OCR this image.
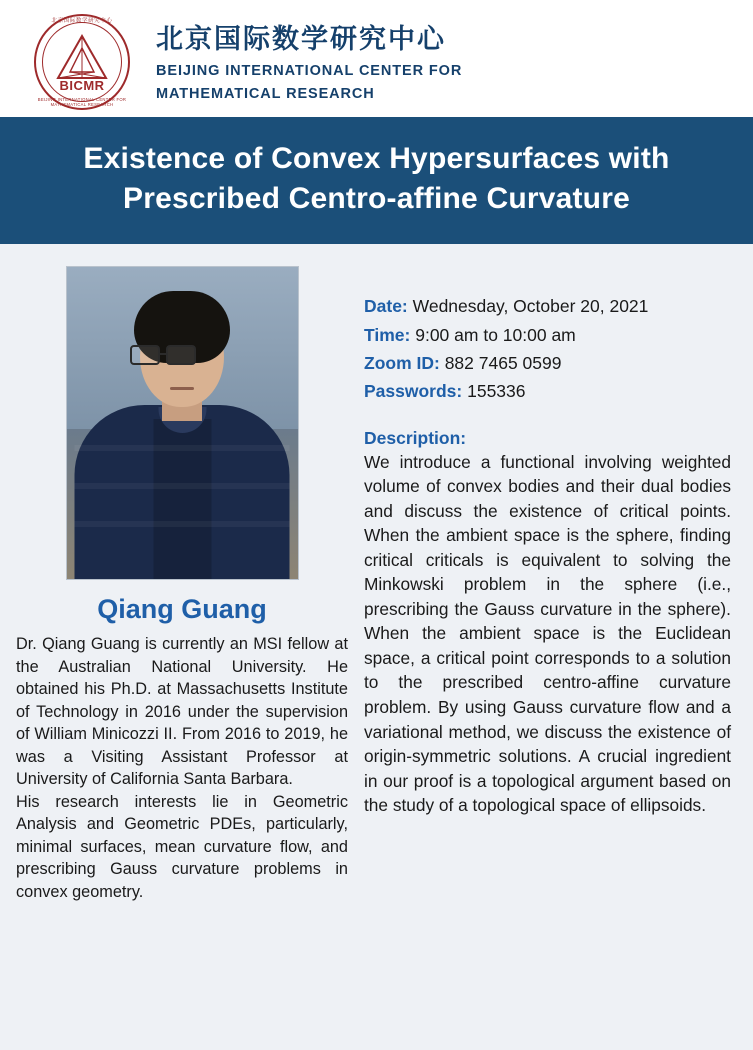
北京国际数学研究中心
BICMR
BEIJING INTERNATIONAL CENTER FOR MATHEMATICAL RESEARCH
北京国际数学研究中心
BEIJING INTERNATIONAL CENTER FOR
MATHEMATICAL RESEARCH
Existence of Convex Hypersurfaces with
Prescribed Centro-affine Curvature
Qiang Guang

Dr. Qiang Guang is currently an MSI fellow at the Australian National University. He obtained his Ph.D. at Massachusetts Institute of Technology in 2016 under the supervision of William Minicozzi II. From 2016 to 2019, he was a Visiting Assistant Professor at University of California Santa Barbara.

His research interests lie in Geometric Analysis and Geometric PDEs, particularly, minimal surfaces, mean curvature flow, and prescribing Gauss curvature problems in convex geometry.

Date: Wednesday, October 20, 2021
Time: 9:00 am to 10:00 am
Zoom ID: 882 7465 0599
Passwords: 155336
Description:

We introduce a functional involving weighted volume of convex bodies and their dual bodies and discuss the existence of critical points. When the ambient space is the sphere, finding critical criticals is equivalent to solving the Minkowski problem in the sphere (i.e., prescribing the Gauss curvature in the sphere). When the ambient space is the Euclidean space, a critical point corresponds to a solution to the prescribed centro-affine curvature problem. By using Gauss curvature flow and a variational method, we discuss the existence of origin-symmetric solutions. A crucial ingredient in our proof is a topological argument based on the study of a topological space of ellipsoids.
